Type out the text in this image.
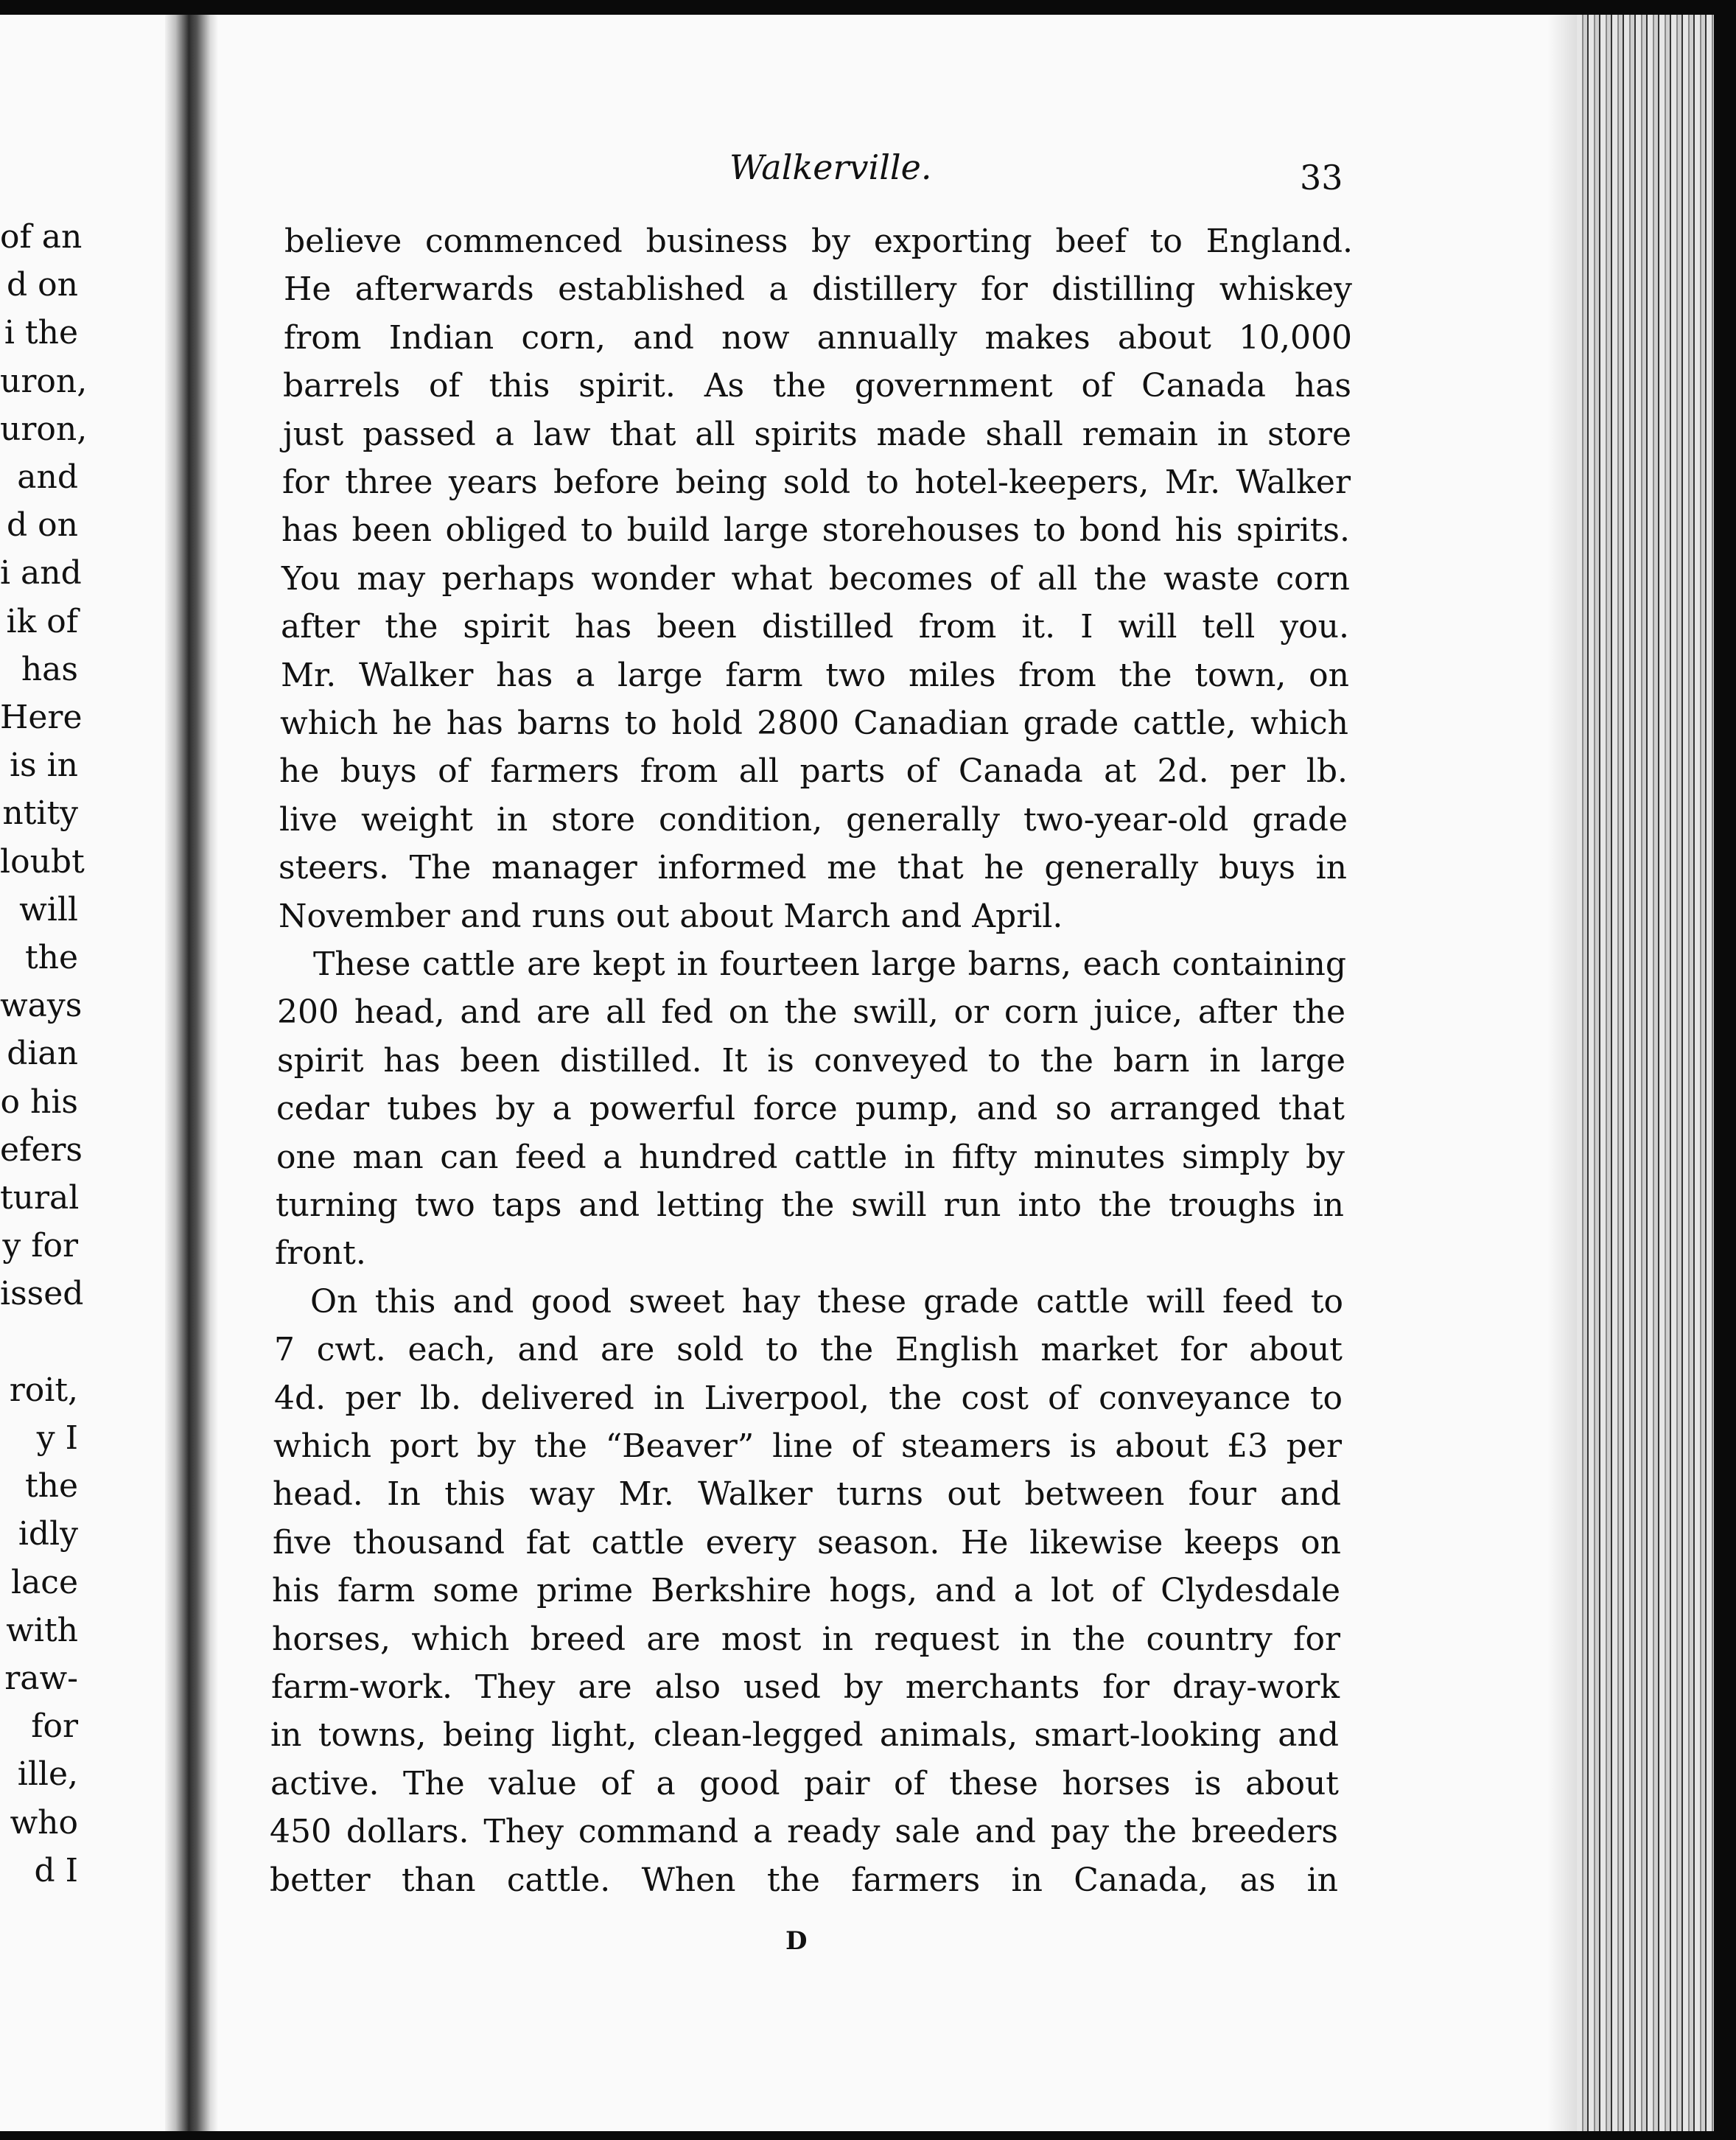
of an
d on
i the
uron,
uron,
and
d on
i and
ik of
has
Here
is in
ntity
loubt
will
the
ways
dian
o his
efers
tural
y for
issed
roit,
y I
the
idly
lace
with
raw-
for
ille,
who
d I
Walkerville.	33
believe commenced business by exporting beef to England.
He afterwards established a distillery for distilling whiskey
from Indian corn, and now annually makes about 10,000
barrels of this spirit. As the government of Canada has
just passed a law that all spirits made shall remain in store
for three years before being sold to hotel-keepers, Mr. Walker
has been obliged to build large storehouses to bond his spirits.
You may perhaps wonder what becomes of all the waste corn
after the spirit has been distilled from it. I will tell you.
Mr. Walker has a large farm two miles from the town, on
which he has barns to hold 2800 Canadian grade cattle, which
he buys of farmers from all parts of Canada at 2d. per lb.
live weight in store condition, generally two-year-old grade
steers. The manager informed me that he generally buys in
November and runs out about March and April.
These cattle are kept in fourteen large barns, each containing
200 head, and are all fed on the swill, or corn juice, after the
spirit has been distilled. It is conveyed to the barn in large
cedar tubes by a powerful force pump, and so arranged that
one man can feed a hundred cattle in fifty minutes simply by
turning two taps and letting the swill run into the troughs in
front.
On this and good sweet hay these grade cattle will feed to
7 cwt. each, and are sold to the English market for about
4d. per lb. delivered in Liverpool, the cost of conveyance to
which port by the “Beaver” line of steamers is about £3 per
head. In this way Mr. Walker turns out between four and
five thousand fat cattle every season. He likewise keeps on
his farm some prime Berkshire hogs, and a lot of Clydesdale
horses, which breed are most in request in the country for
farm-work. They are also used by merchants for dray-work
in towns, being light, clean-legged animals, smart-looking and
active. The value of a good pair of these horses is about
450 dollars. They command a ready sale and pay the breeders
better than cattle. When the farmers in Canada, as in
D
